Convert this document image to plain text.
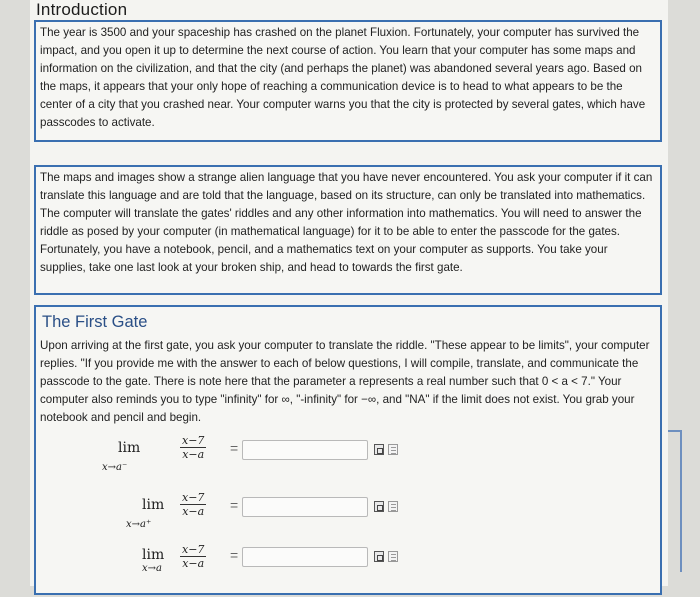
Introduction
The year is 3500 and your spaceship has crashed on the planet Fluxion. Fortunately, your computer has survived the impact, and you open it up to determine the next course of action. You learn that your computer has some maps and information on the civilization, and that the city (and perhaps the planet) was abandoned several years ago. Based on the maps, it appears that your only hope of reaching a communication device is to head to what appears to be the center of a city that you crashed near. Your computer warns you that the city is protected by several gates, which have passcodes to activate.
The maps and images show a strange alien language that you have never encountered. You ask your computer if it can translate this language and are told that the language, based on its structure, can only be translated into mathematics. The computer will translate the gates' riddles and any other information into mathematics. You will need to answer the riddle as posed by your computer (in mathematical language) for it to be able to enter the passcode for the gates. Fortunately, you have a notebook, pencil, and a mathematics text on your computer as supports. You take your supplies, take one last look at your broken ship, and head to towards the first gate.
The First Gate
Upon arriving at the first gate, you ask your computer to translate the riddle. "These appear to be limits", your computer replies. "If you provide me with the answer to each of below questions, I will compile, translate, and communicate the passcode to the gate. There is note here that the parameter a represents a real number such that 0 < a < 7." Your computer also reminds you to type "infinity" for ∞, "-infinity" for −∞, and "NA" if the limit does not exist. You grab your notebook and pencil and begin.
lim
x→a⁻
$\frac{x-7}{x-a}$ =
lim
x→a⁺
$\frac{x-7}{x-a}$ =
lim
$x\to a \frac{x-7}{x-a}$ =
